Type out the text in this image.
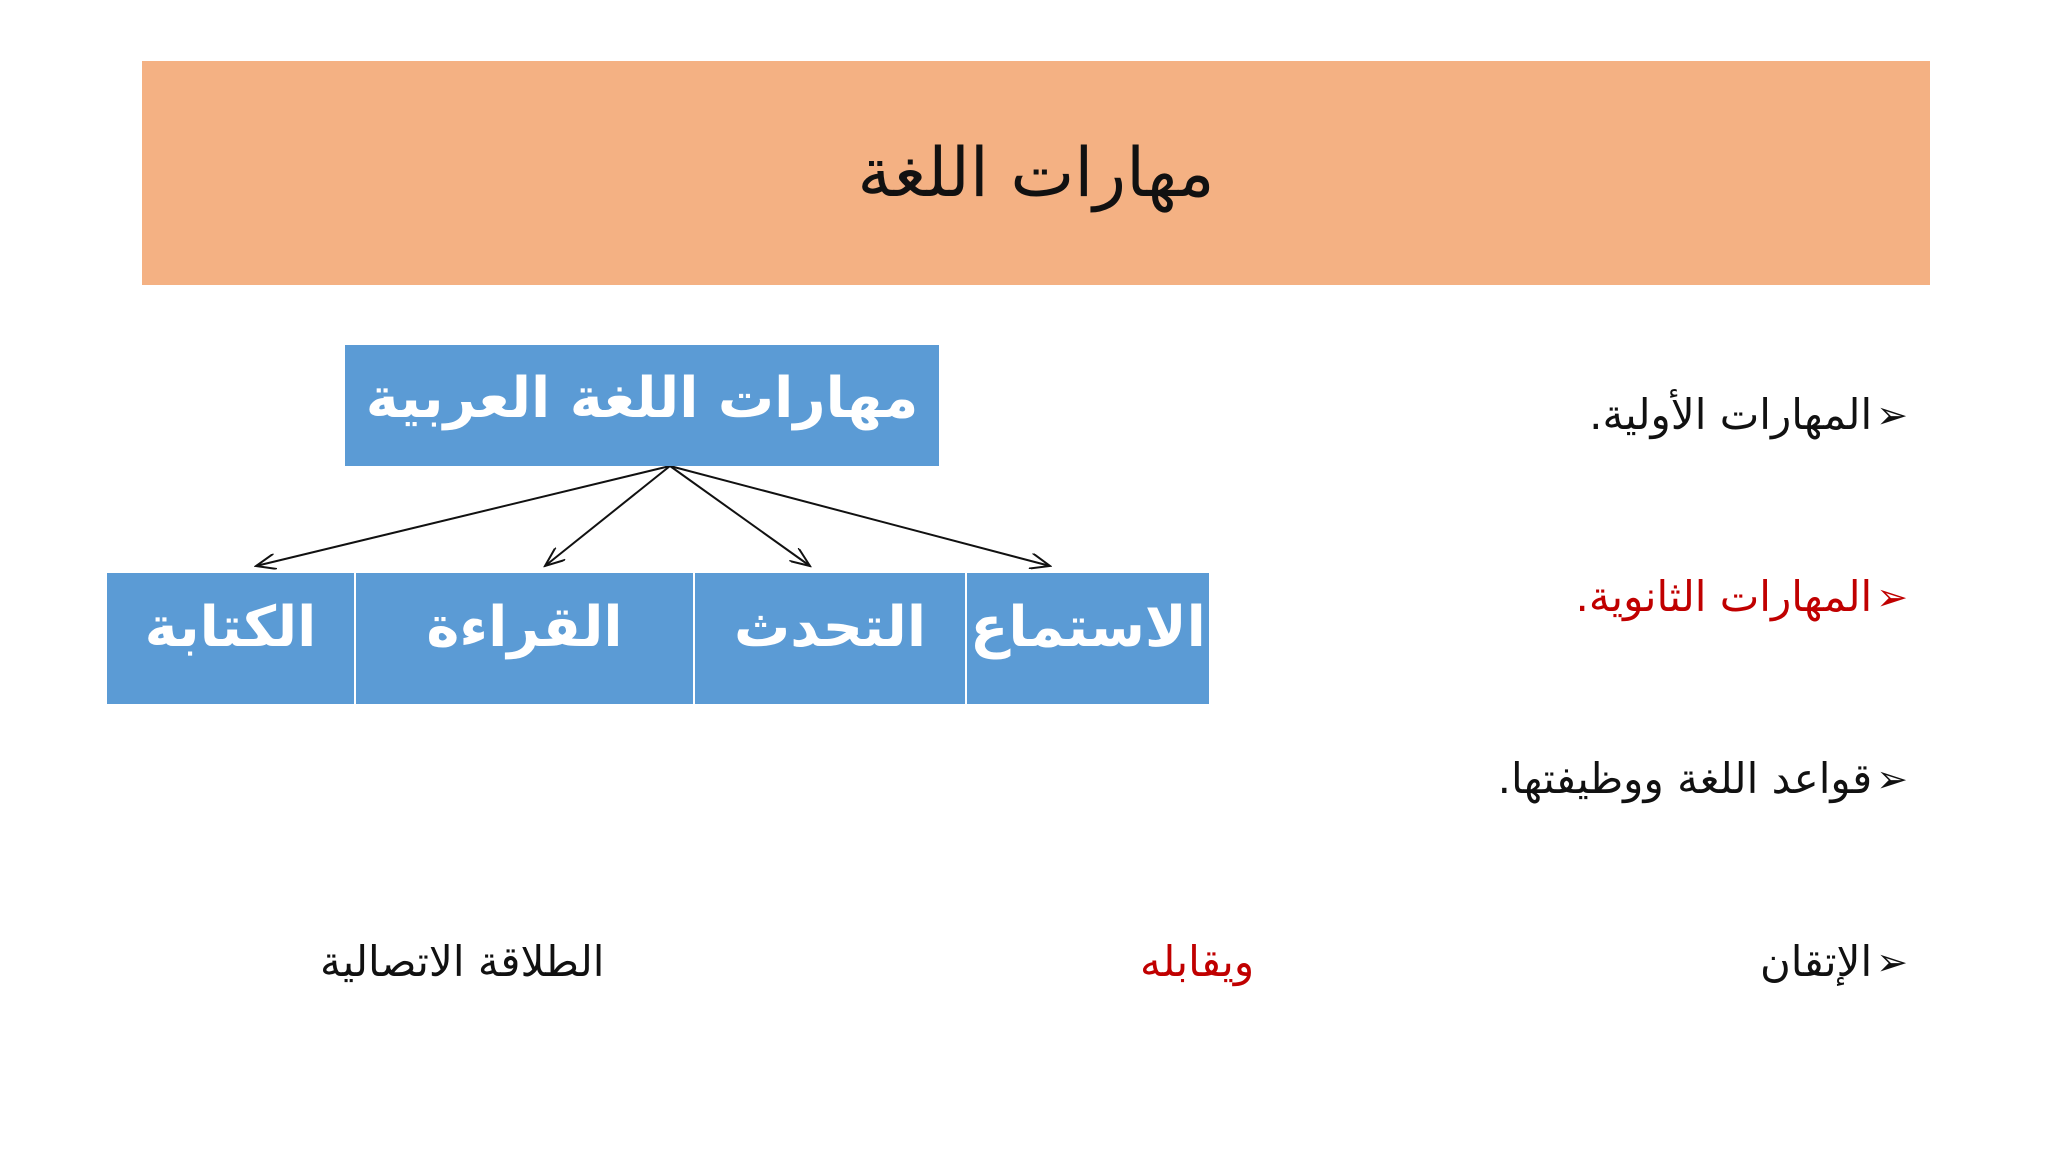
مهارات اللغة
مهارات اللغة العربية
الكتابة	القراءة	التحدث الاستماع
➢
المهارات الأولية.
➢
المهارات الثانوية.
➢
قواعد اللغة ووظيفتها.
➢
الإتقان
ويقابله
الطلاقة الاتصالية
